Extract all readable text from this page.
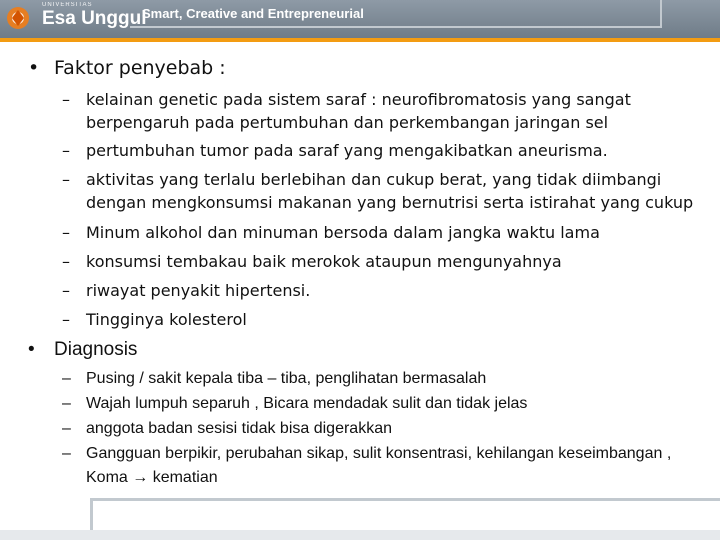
UNIVERSITAS
Esa Unggul
Smart, Creative and Entrepreneurial
• Faktor penyebab :
– kelainan genetic pada sistem saraf : neurofibromatosis yang sangat berpengaruh pada pertumbuhan dan perkembangan jaringan sel
– pertumbuhan tumor pada saraf yang mengakibatkan aneurisma.
– aktivitas yang terlalu berlebihan dan cukup berat, yang tidak diimbangi dengan mengkonsumsi makanan yang bernutrisi serta istirahat yang cukup
– Minum alkohol dan minuman bersoda dalam jangka waktu lama
– konsumsi tembakau baik merokok ataupun mengunyahnya
– riwayat penyakit hipertensi.
– Tingginya kolesterol
• Diagnosis
– Pusing / sakit kepala tiba – tiba, penglihatan bermasalah
– Wajah lumpuh separuh , Bicara mendadak sulit dan tidak jelas
– anggota badan sesisi tidak bisa digerakkan
– Gangguan berpikir, perubahan sikap, sulit konsentrasi, kehilangan keseimbangan , Koma → kematian
